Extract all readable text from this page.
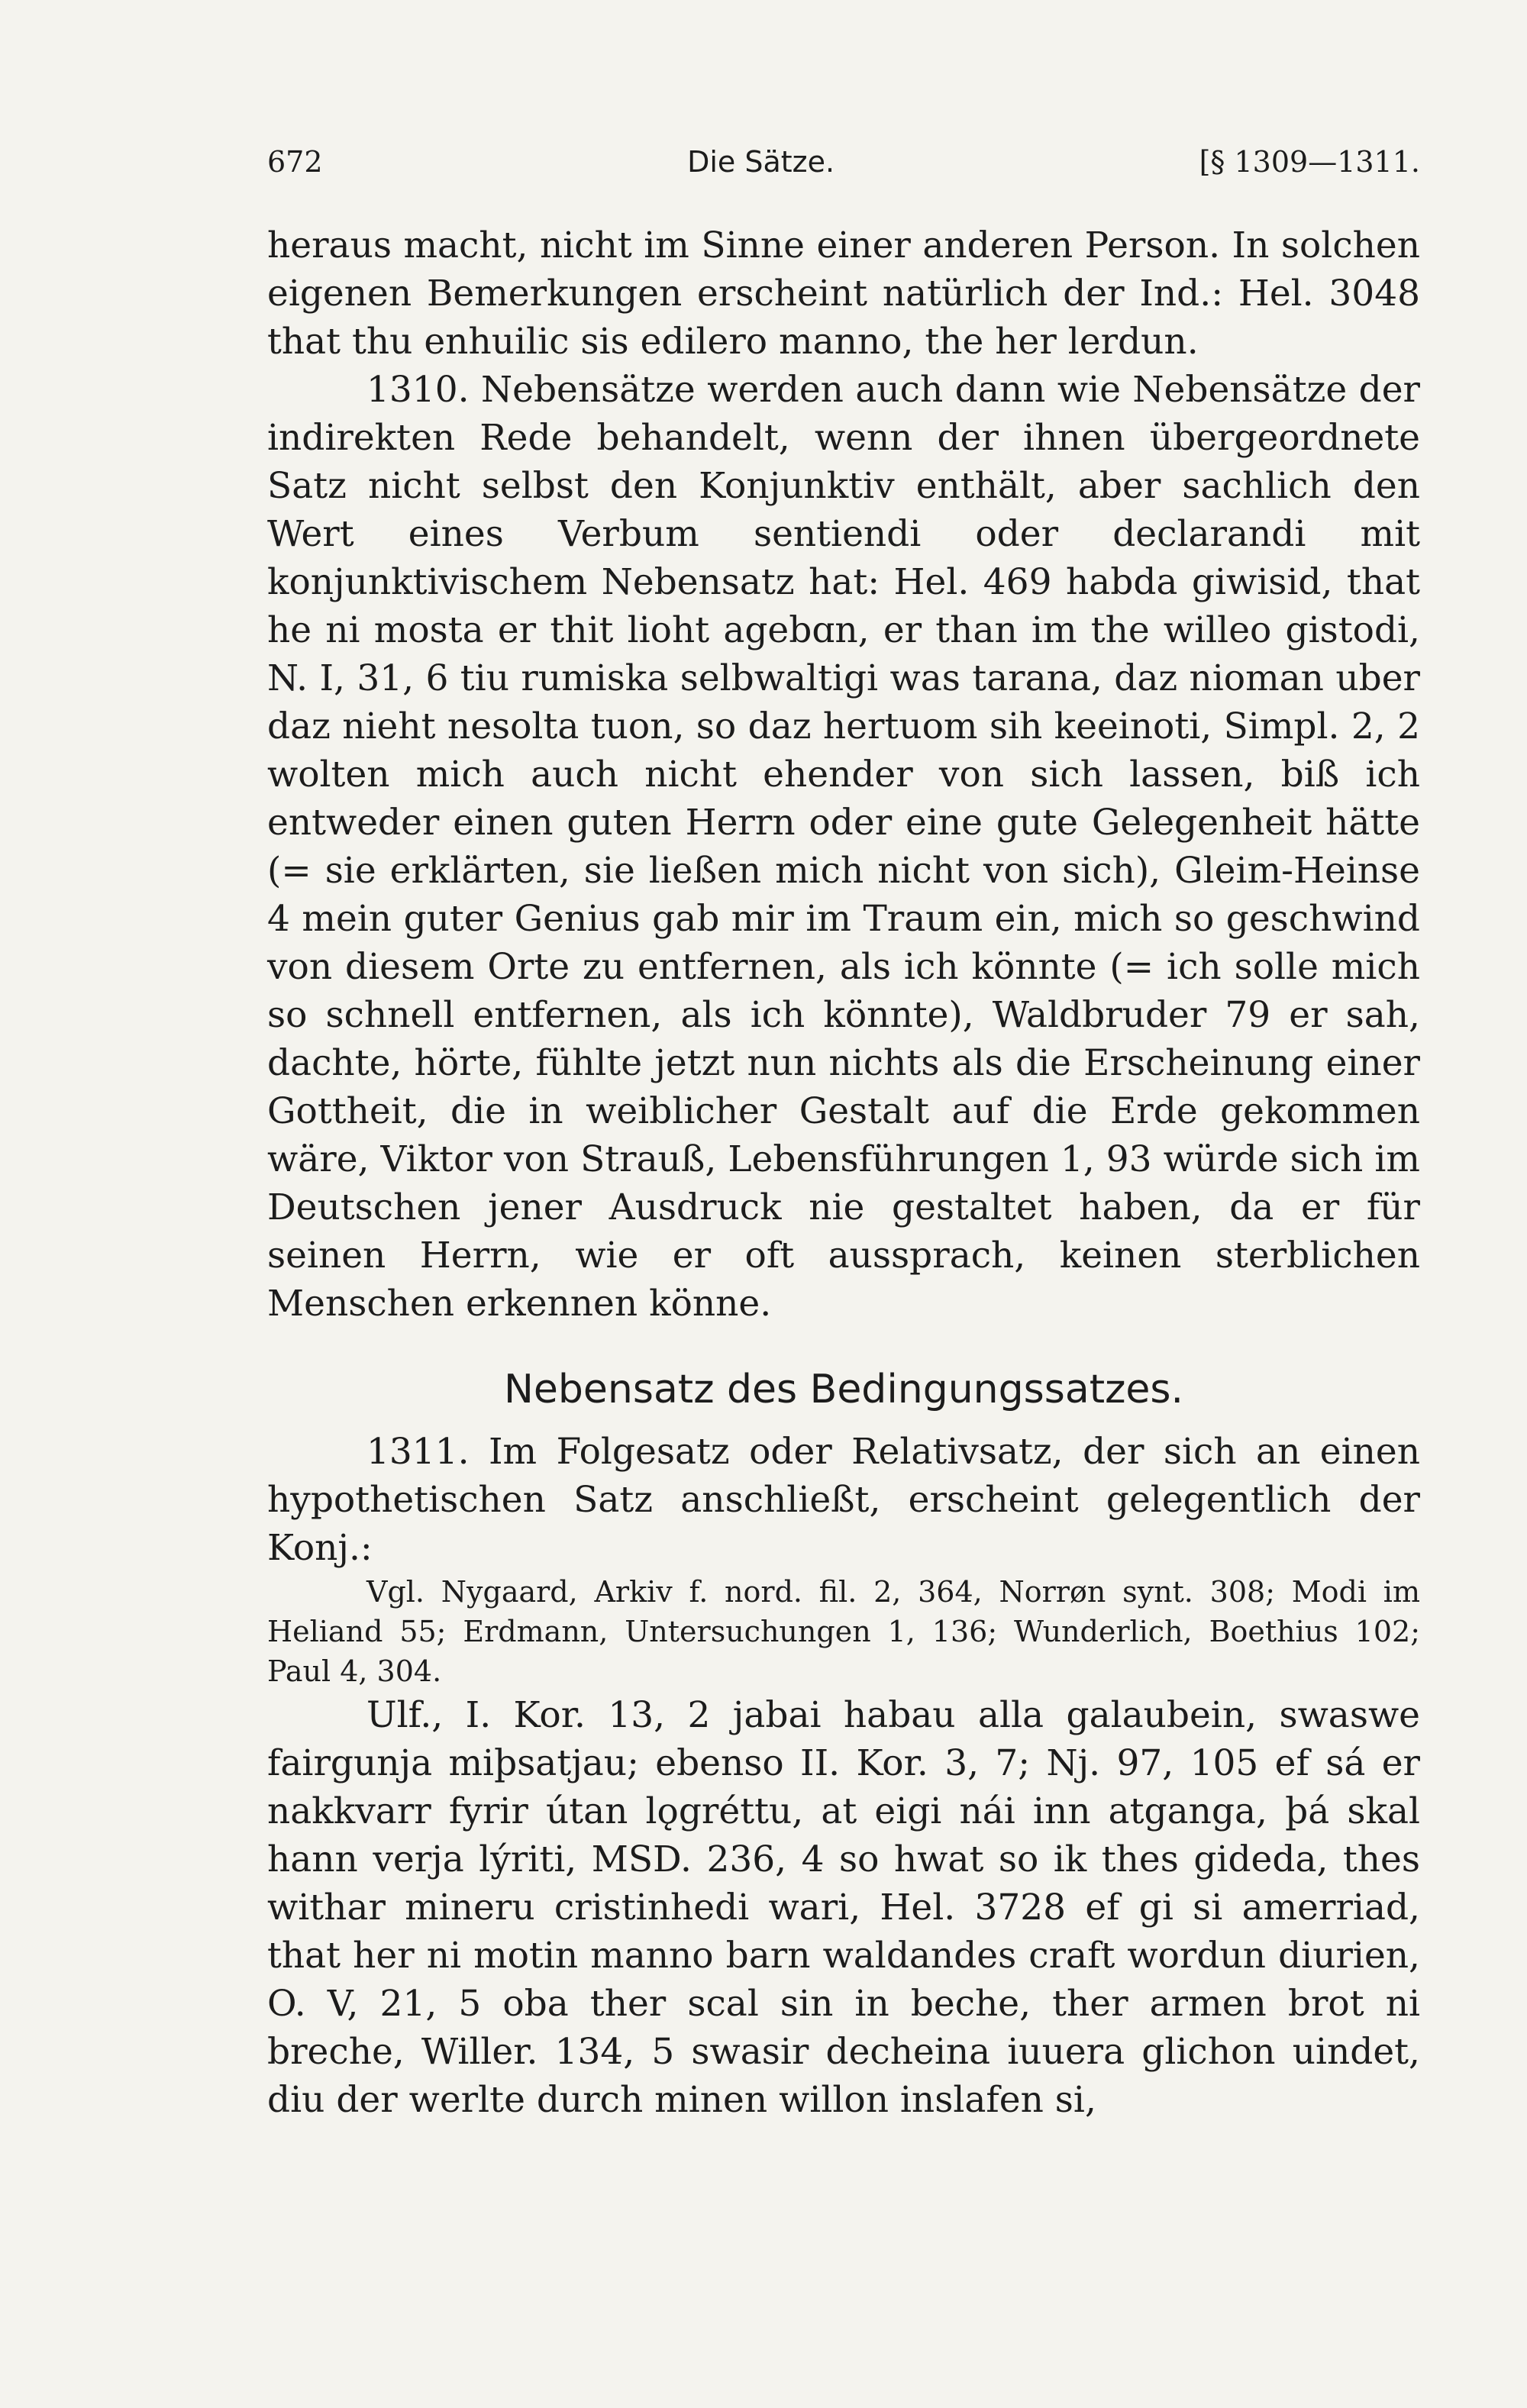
672	Die Sätze.	[§ 1309—1311.

heraus macht, nicht im Sinne einer anderen Person. In solchen eigenen Bemerkungen erscheint natürlich der Ind.: Hel. 3048 that thu enhuilic sis edilero manno, the her lerdun.

1310. Nebensätze werden auch dann wie Nebensätze der indirekten Rede behandelt, wenn der ihnen übergeordnete Satz nicht selbst den Konjunktiv enthält, aber sachlich den Wert eines Verbum sentiendi oder declarandi mit konjunktivischem Nebensatz hat: Hel. 469 habda giwisid, that he ni mosta er thit lioht agebɑn, er than im the willeo gistodi, N. I, 31, 6 tiu rumiska selbwaltigi was tarana, daz nioman uber daz nieht nesolta tuon, so daz hertuom sih keeinoti, Simpl. 2, 2 wolten mich auch nicht ehender von sich lassen, biß ich entweder einen guten Herrn oder eine gute Gelegenheit hätte (= sie erklärten, sie ließen mich nicht von sich), Gleim-Heinse 4 mein guter Genius gab mir im Traum ein, mich so geschwind von diesem Orte zu entfernen, als ich könnte (= ich solle mich so schnell entfernen, als ich könnte), Waldbruder 79 er sah, dachte, hörte, fühlte jetzt nun nichts als die Erscheinung einer Gottheit, die in weiblicher Gestalt auf die Erde gekommen wäre, Viktor von Strauß, Lebensführungen 1, 93 würde sich im Deutschen jener Ausdruck nie gestaltet haben, da er für seinen Herrn, wie er oft aussprach, keinen sterblichen Menschen erkennen könne.

Nebensatz des Bedingungssatzes.

1311. Im Folgesatz oder Relativsatz, der sich an einen hypothetischen Satz anschließt, erscheint gelegentlich der Konj.:

Vgl. Nygaard, Arkiv f. nord. fil. 2, 364, Norrøn synt. 308; Modi im Heliand 55; Erdmann, Untersuchungen 1, 136; Wunderlich, Boethius 102; Paul 4, 304.

Ulf., I. Kor. 13, 2 jabai habau alla galaubein, swaswe fairgunja miþsatjau; ebenso II. Kor. 3, 7; Nj. 97, 105 ef sá er nakkvarr fyrir útan lǫgréttu, at eigi nái inn atganga, þá skal hann verja lýriti, MSD. 236, 4 so hwat so ik thes gideda, thes withar mineru cristinhedi wari, Hel. 3728 ef gi si amerriad, that her ni motin manno barn waldandes craft wordun diurien, O. V, 21, 5 oba ther scal sin in beche, ther armen brot ni breche, Willer. 134, 5 swasir decheina iuuera glichon uindet, diu der werlte durch minen willon inslafen si,
